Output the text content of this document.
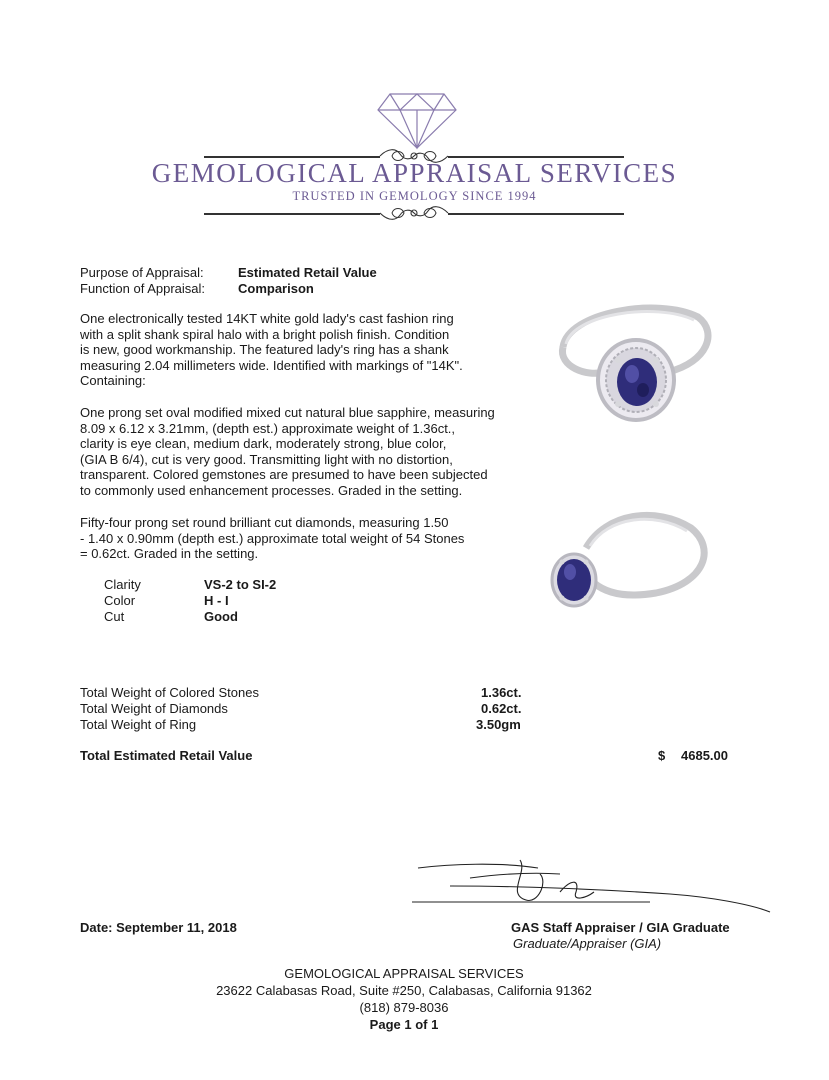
GEMOLOGICAL APPRAISAL SERVICES
TRUSTED IN GEMOLOGY SINCE 1994
Purpose of Appraisal:	Estimated Retail Value
Function of Appraisal:	Comparison
One electronically tested 14KT white gold lady's cast fashion ring
with a split shank spiral halo with a bright polish finish. Condition
is new, good workmanship. The featured lady's ring has a shank
measuring 2.04 millimeters wide. Identified with markings of "14K".
Containing:
One prong set oval modified mixed cut natural blue sapphire, measuring
8.09 x 6.12 x 3.21mm, (depth est.) approximate weight of 1.36ct.,
clarity is eye clean, medium dark, moderately strong, blue color,
(GIA B 6/4), cut is very good. Transmitting light with no distortion,
transparent. Colored gemstones are presumed to have been subjected
to commonly used enhancement processes. Graded in the setting.
Fifty-four prong set round brilliant cut diamonds, measuring 1.50
- 1.40 x 0.90mm (depth est.) approximate total weight of 54 Stones
= 0.62ct. Graded in the setting.
Clarity	VS-2 to SI-2
Color	H - I
Cut	Good
Total Weight of Colored Stones	1.36ct.
Total Weight of Diamonds	0.62ct.
Total Weight of Ring	3.50gm
Total Estimated Retail Value	$ 4685.00
Date: September 11, 2018	GAS Staff Appraiser / GIA Graduate
Graduate/Appraiser (GIA)
GEMOLOGICAL APPRAISAL SERVICES
23622 Calabasas Road, Suite #250, Calabasas, California 91362
(818) 879-8036
Page 1 of 1
